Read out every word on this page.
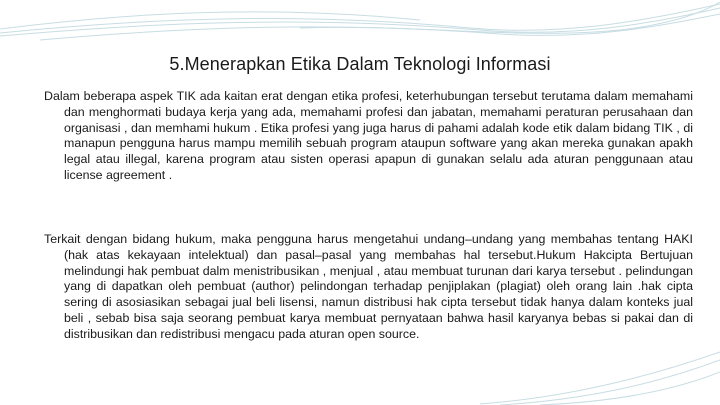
5.Menerapkan Etika Dalam Teknologi Informasi
Dalam beberapa aspek TIK ada kaitan erat dengan etika profesi, keterhubungan tersebut terutama dalam memahami dan menghormati budaya kerja yang ada, memahami profesi dan jabatan, memahami peraturan perusahaan dan organisasi , dan memhami hukum . Etika profesi yang juga harus di pahami adalah kode etik dalam bidang TIK , di manapun pengguna harus mampu memilih sebuah program ataupun software yang akan mereka gunakan apakh legal atau illegal, karena program atau sisten operasi apapun di gunakan selalu ada aturan penggunaan atau license agreement .
Terkait dengan bidang hukum, maka pengguna harus mengetahui undang–undang yang membahas tentang HAKI (hak atas kekayaan intelektual) dan pasal–pasal yang membahas hal tersebut.Hukum Hakcipta Bertujuan melindungi hak pembuat dalm menistribusikan , menjual , atau membuat turunan dari karya tersebut . pelindungan yang di dapatkan oleh pembuat (author) pelindongan terhadap penjiplakan (plagiat) oleh orang lain .hak cipta sering di asosiasikan sebagai jual beli lisensi, namun distribusi hak cipta tersebut tidak hanya dalam konteks jual beli , sebab bisa saja seorang pembuat karya membuat pernyataan bahwa hasil karyanya bebas si pakai dan di distribusikan dan redistribusi mengacu pada aturan open source.
